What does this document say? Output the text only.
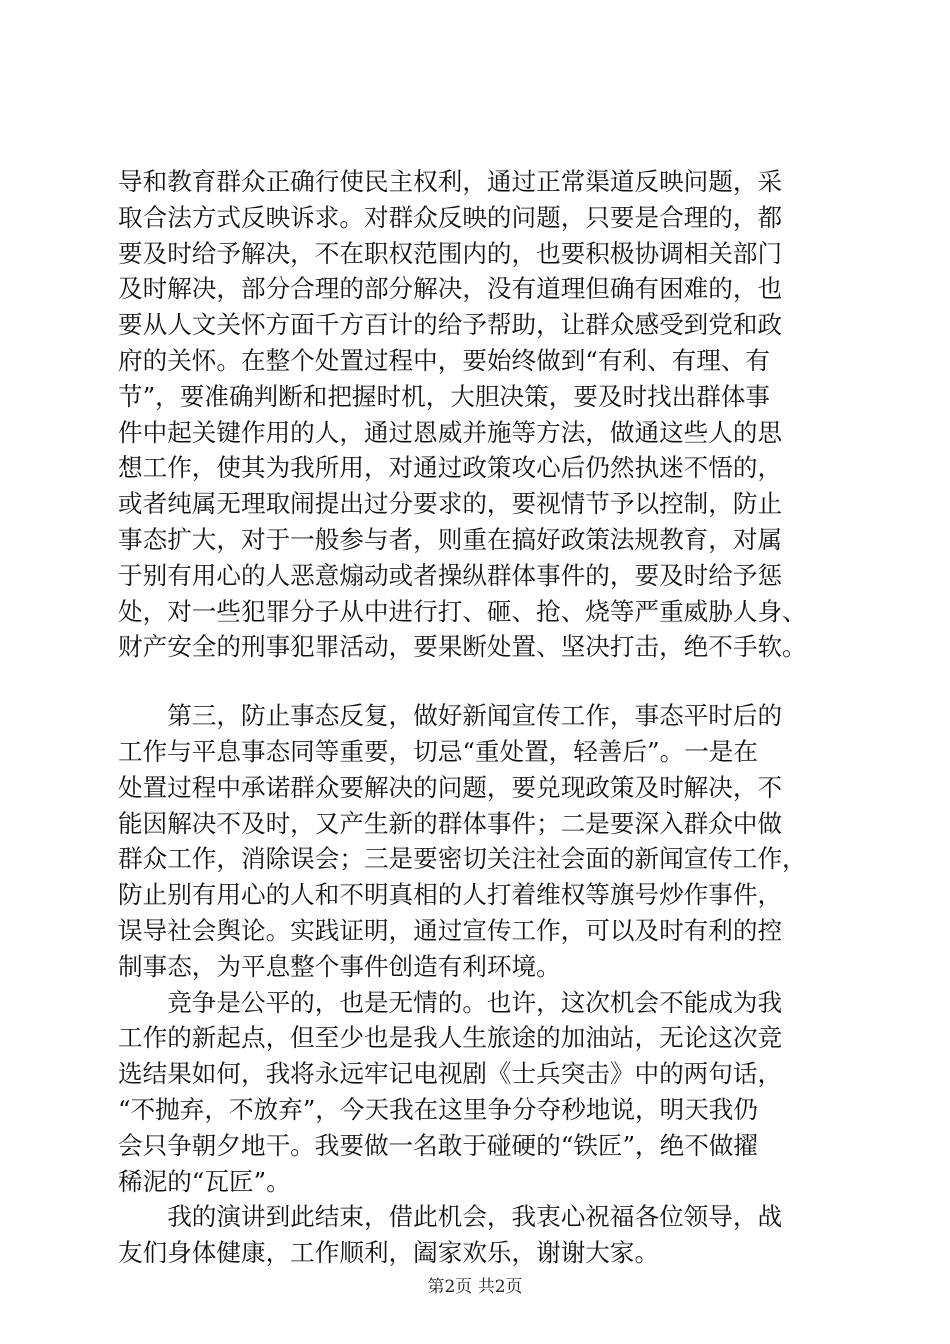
导和教育群众正确行使民主权利，通过正常渠道反映问题，采
取合法方式反映诉求。对群众反映的问题，只要是合理的，都
要及时给予解决，不在职权范围内的，也要积极协调相关部门
及时解决，部分合理的部分解决，没有道理但确有困难的，也
要从人文关怀方面千方百计的给予帮助，让群众感受到党和政
府的关怀。在整个处置过程中，要始终做到“有利、有理、有
节”，要准确判断和把握时机，大胆决策，要及时找出群体事
件中起关键作用的人，通过恩威并施等方法，做通这些人的思
想工作，使其为我所用，对通过政策攻心后仍然执迷不悟的，
或者纯属无理取闹提出过分要求的，要视情节予以控制，防止
事态扩大，对于一般参与者，则重在搞好政策法规教育，对属
于别有用心的人恶意煽动或者操纵群体事件的，要及时给予惩
处，对一些犯罪分子从中进行打、砸、抢、烧等严重威胁人身、
财产安全的刑事犯罪活动，要果断处置、坚决打击，绝不手软。

　　第三，防止事态反复，做好新闻宣传工作，事态平时后的
工作与平息事态同等重要，切忌“重处置，轻善后”。一是在
处置过程中承诺群众要解决的问题，要兑现政策及时解决，不
能因解决不及时，又产生新的群体事件；二是要深入群众中做
群众工作，消除误会；三是要密切关注社会面的新闻宣传工作，
防止别有用心的人和不明真相的人打着维权等旗号炒作事件，
误导社会舆论。实践证明，通过宣传工作，可以及时有利的控
制事态，为平息整个事件创造有利环境。

　　竞争是公平的，也是无情的。也许，这次机会不能成为我
工作的新起点，但至少也是我人生旅途的加油站，无论这次竞
选结果如何，我将永远牢记电视剧《士兵突击》中的两句话，
“不抛弃，不放弃”，今天我在这里争分夺秒地说，明天我仍
会只争朝夕地干。我要做一名敢于碰硬的“铁匠”，绝不做擢
稀泥的“瓦匠”。

　　我的演讲到此结束，借此机会，我衷心祝福各位领导，战
友们身体健康，工作顺利，阖家欢乐，谢谢大家。

第2页 共2页
